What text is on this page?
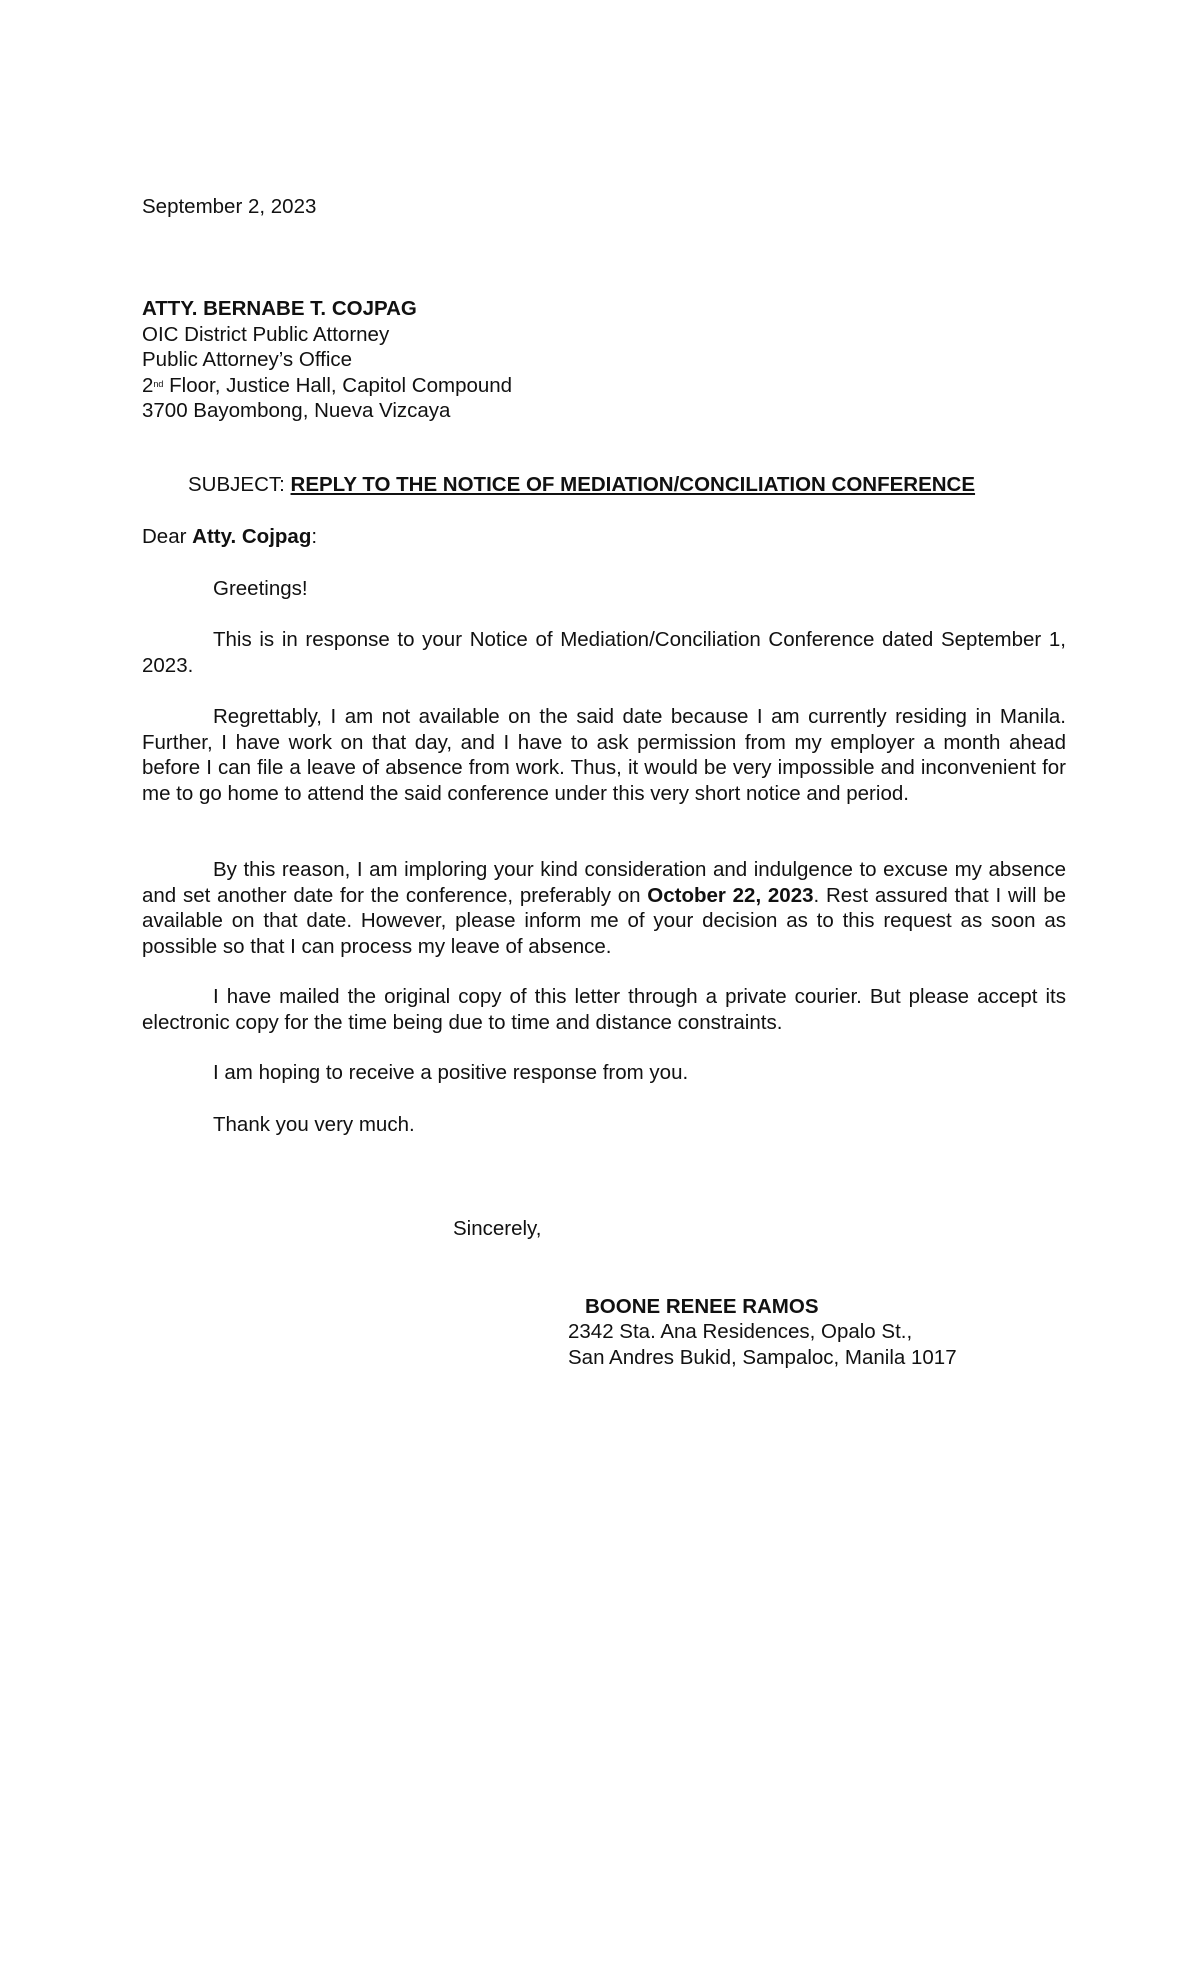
September 2, 2023
ATTY. BERNABE T. COJPAG
OIC District Public Attorney
Public Attorney’s Office
2nd Floor, Justice Hall, Capitol Compound
3700 Bayombong, Nueva Vizcaya
SUBJECT: REPLY TO THE NOTICE OF MEDIATION/CONCILIATION CONFERENCE
Dear Atty. Cojpag:
Greetings!
This is in response to your Notice of Mediation/Conciliation Conference dated September 1, 2023.
Regrettably, I am not available on the said date because I am currently residing in Manila. Further, I have work on that day, and I have to ask permission from my employer a month ahead before I can file a leave of absence from work. Thus, it would be very impossible and inconvenient for me to go home to attend the said conference under this very short notice and period.
By this reason, I am imploring your kind consideration and indulgence to excuse my absence and set another date for the conference, preferably on October 22, 2023. Rest assured that I will be available on that date. However, please inform me of your decision as to this request as soon as possible so that I can process my leave of absence.
I have mailed the original copy of this letter through a private courier. But please accept its electronic copy for the time being due to time and distance constraints.
I am hoping to receive a positive response from you.
Thank you very much.
Sincerely,
BOONE RENEE RAMOS
2342 Sta. Ana Residences, Opalo St.,
San Andres Bukid, Sampaloc, Manila 1017
